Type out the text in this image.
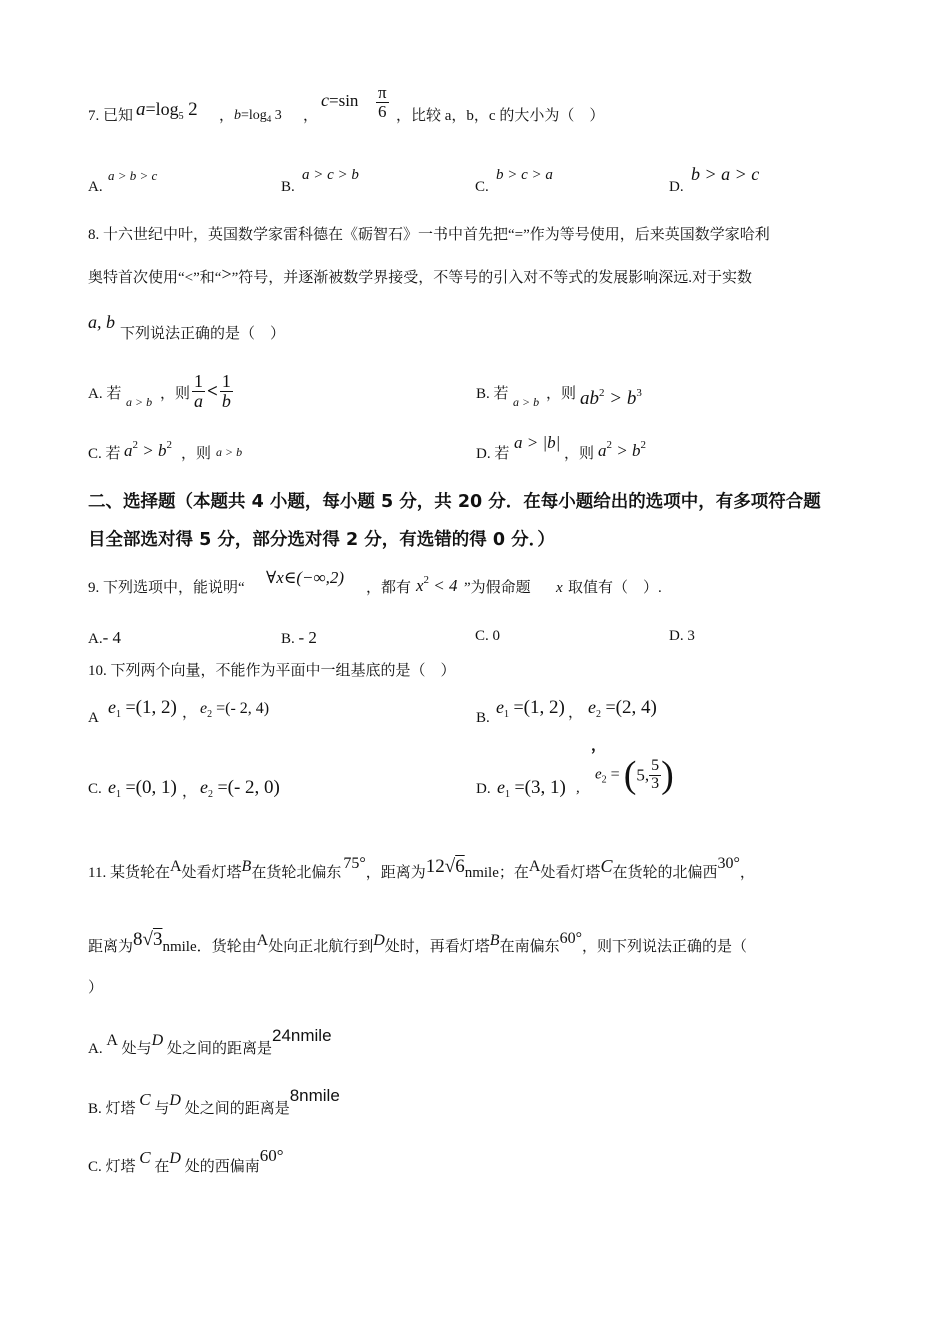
7. 已知 $a=\log_5$ 2 ， b=log4 3 ，
$c=\sin \frac{\pi}{6}$ ，比较 a，b，c 的大小为（　）
A.
a > b > c
B.
a > c > b
C.
b > c > a
D.
b > a > c
8. 十六世纪中叶，英国数学家雷科德在《砺智石》一书中首先把“=”作为等号使用，后来英国数学家哈利
奥特首次使用“<”和“>”符号，并逐渐被数学界接受，不等号的引入对不等式的发展影响深远.对于实数
a, b
下列说法正确的是（　）
A. 若 a > b ，则 $\frac{1}{a} < \frac{1}{b}$	B. 若 a > b ，则 $ab^2 > b^3$
C. 若 $a^2 > b^2$
，则 a > b	D. 若
a > |b|
，则 $a^2 > b^2$
二、选择题（本题共 4 小题，每小题 5 分，共 20 分．在每小题给出的选项中，有多项符合题
目全部选对得 5 分，部分选对得 2 分，有选错的得 0 分．）
9. 下列选项中，能说明“
∀x∈(−∞,2)
，都有 $x^2 < 4$ ”为假命题 x 取值有（　）.
A.- 4	B. - 2	C. 0	D. 3
10. 下列两个向量，不能作为平面中一组基底的是（　）
A
$e_1 =(1$, 2) ， $e_2$ =(- 2, 4)
B.
$e_1 =(1$, 2) ， $e_2 =(2$, 4)
，
C. $e_1 =(0$, 1) ， $e_2$ =(- 2, 0)	D. $e_1 =(3$, 1) ,
$e_2 = (5$, $\frac{5}{3}$ )
11. 某货轮在A处看灯塔B在货轮北偏东75°，距离为12√6nmile；在A处看灯塔C在货轮的北偏西30°，
距离为8√3nmile．货轮由A处向正北航行到D处时，再看灯塔B在南偏东60°，则下列说法正确的是（
）
A. A 处与D 处之间的距离是24nmile
B. 灯塔 C 与D 处之间的距离是8nmile
C. 灯塔 C 在D 处的西偏南60°
